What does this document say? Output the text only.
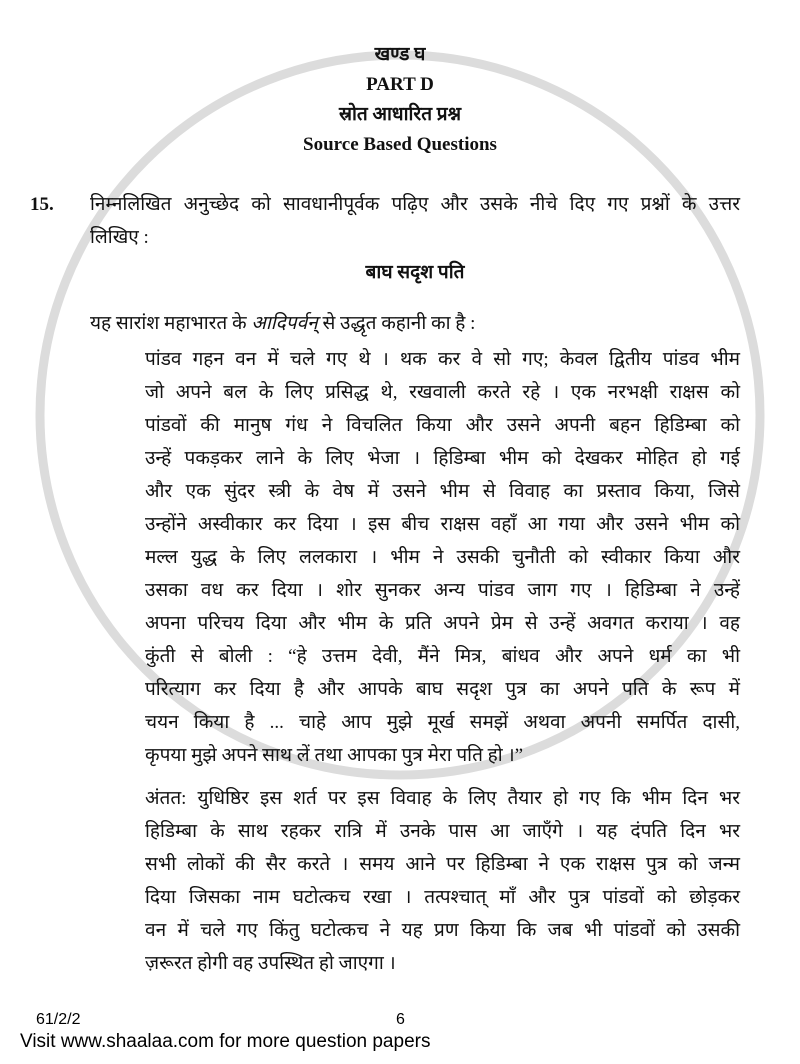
खण्ड घ
PART D
स्रोत आधारित प्रश्न
Source Based Questions
15.	निम्नलिखित अनुच्छेद को सावधानीपूर्वक पढ़िए और उसके नीचे दिए गए प्रश्नों के उत्तर
लिखिए :
बाघ सदृश पति
यह सारांश महाभारत के आदिपर्वन् से उद्धृत कहानी का है :
पांडव गहन वन में चले गए थे । थक कर वे सो गए; केवल द्वितीय पांडव भीम
जो अपने बल के लिए प्रसिद्ध थे, रखवाली करते रहे । एक नरभक्षी राक्षस को
पांडवों की मानुष गंध ने विचलित किया और उसने अपनी बहन हिडिम्बा को
उन्हें पकड़कर लाने के लिए भेजा । हिडिम्बा भीम को देखकर मोहित हो गई
और एक सुंदर स्त्री के वेष में उसने भीम से विवाह का प्रस्ताव किया, जिसे
उन्होंने अस्वीकार कर दिया । इस बीच राक्षस वहाँ आ गया और उसने भीम को
मल्ल युद्ध के लिए ललकारा । भीम ने उसकी चुनौती को स्वीकार किया और
उसका वध कर दिया । शोर सुनकर अन्य पांडव जाग गए । हिडिम्बा ने उन्हें
अपना परिचय दिया और भीम के प्रति अपने प्रेम से उन्हें अवगत कराया । वह
कुंती से बोली : “हे उत्तम देवी, मैंने मित्र, बांधव और अपने धर्म का भी
परित्याग कर दिया है और आपके बाघ सदृश पुत्र का अपने पति के रूप में
चयन किया है ... चाहे आप मुझे मूर्ख समझें अथवा अपनी समर्पित दासी,
कृपया मुझे अपने साथ लें तथा आपका पुत्र मेरा पति हो ।”
अंतत: युधिष्ठिर इस शर्त पर इस विवाह के लिए तैयार हो गए कि भीम दिन भर
हिडिम्बा के साथ रहकर रात्रि में उनके पास आ जाएँगे । यह दंपति दिन भर
सभी लोकों की सैर करते । समय आने पर हिडिम्बा ने एक राक्षस पुत्र को जन्म
दिया जिसका नाम घटोत्कच रखा । तत्पश्चात् माँ और पुत्र पांडवों को छोड़कर
वन में चले गए किंतु घटोत्कच ने यह प्रण किया कि जब भी पांडवों को उसकी
ज़रूरत होगी वह उपस्थित हो जाएगा ।
61/2/2	6
Visit www.shaalaa.com for more question papers
